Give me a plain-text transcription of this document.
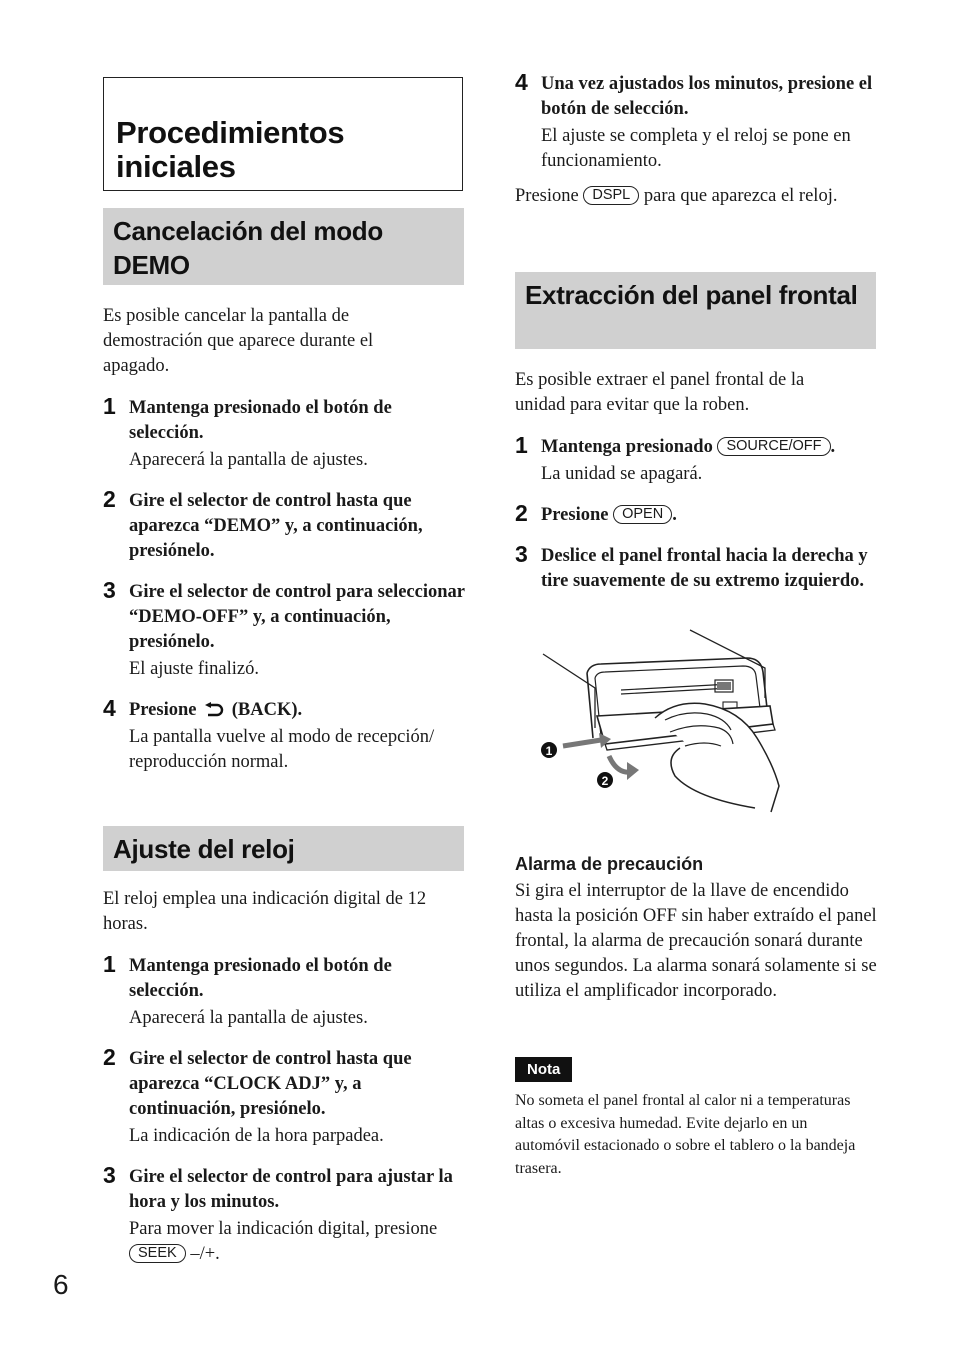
Procedimientos iniciales
Cancelación del modo DEMO

Es posible cancelar la pantalla de demostración que aparece durante el apagado.

1 Mantenga presionado el botón de selección.

Aparecerá la pantalla de ajustes.

2 Gire el selector de control hasta que aparezca “DEMO” y, a continuación, presiónelo.

3 Gire el selector de control para seleccionar “DEMO-OFF” y, a continuación, presiónelo.

El ajuste finalizó.

4 Presione (BACK).

La pantalla vuelve al modo de recepción/ reproducción normal.

Ajuste del reloj

El reloj emplea una indicación digital de 12 horas.

1 Mantenga presionado el botón de selección.

Aparecerá la pantalla de ajustes.

2 Gire el selector de control hasta que aparezca “CLOCK ADJ” y, a continuación, presiónelo.

La indicación de la hora parpadea.

3 Gire el selector de control para ajustar la hora y los minutos.

Para mover la indicación digital, presione SEEK –/+.

6
4 Una vez ajustados los minutos, presione el botón de selección.

El ajuste se completa y el reloj se pone en funcionamiento.

Presione DSPL para que aparezca el reloj.

Extracción del panel frontal

Es posible extraer el panel frontal de la unidad para evitar que la roben.

1 Mantenga presionado SOURCE/OFF .

La unidad se apagará.

2 Presione OPEN .

3 Deslice el panel frontal hacia la derecha y tire suavemente de su extremo izquierdo.

1
2

Alarma de precaución

Si gira el interruptor de la llave de encendido hasta la posición OFF sin haber extraído el panel frontal, la alarma de precaución sonará durante unos segundos. La alarma sonará solamente si se utiliza el amplificador incorporado.

Nota

No someta el panel frontal al calor ni a temperaturas altas o excesiva humedad. Evite dejarlo en un automóvil estacionado o sobre el tablero o la bandeja trasera.
